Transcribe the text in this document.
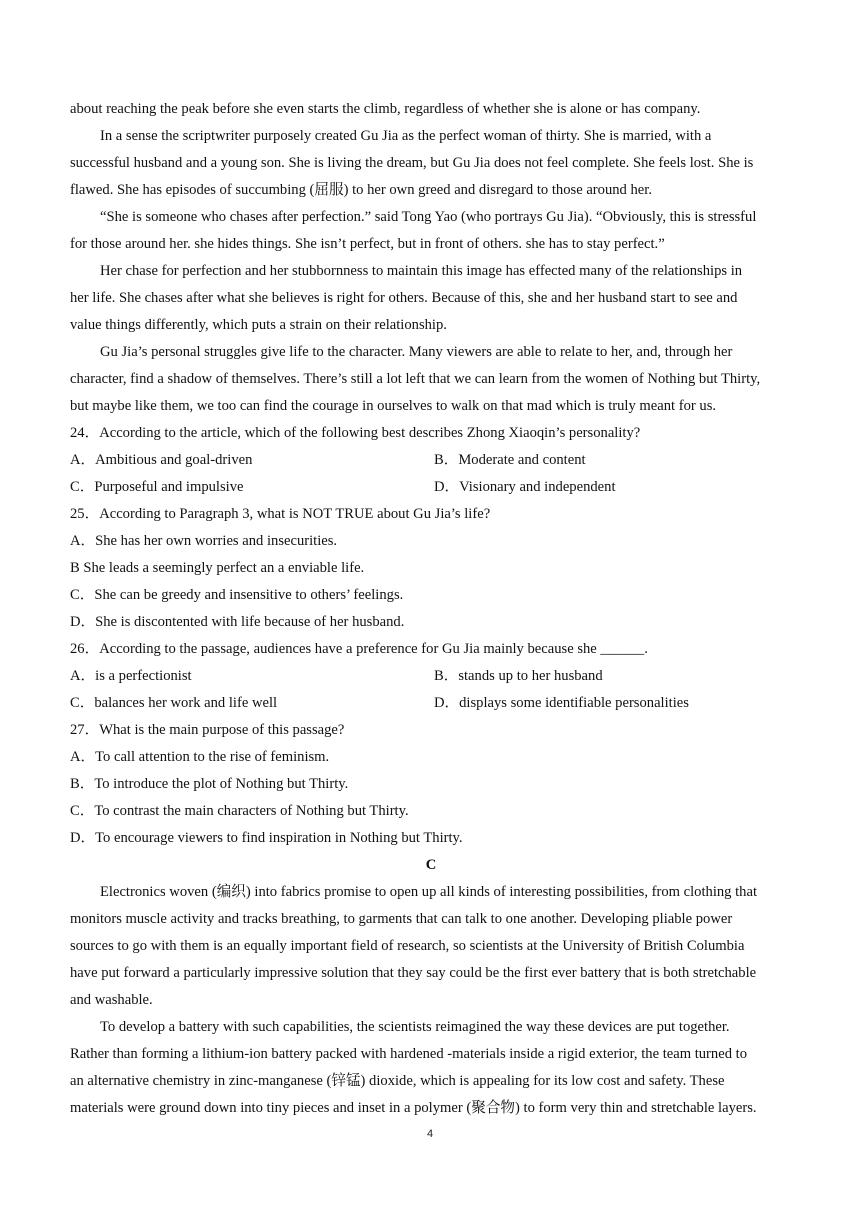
about reaching the peak before she even starts the climb, regardless of whether she is alone or has company.
In a sense the scriptwriter purposely created Gu Jia as the perfect woman of thirty. She is married, with a
successful husband and a young son. She is living the dream, but Gu Jia does not feel complete. She feels lost. She is
flawed. She has episodes of succumbing (屈服) to her own greed and disregard to those around her.
“She is someone who chases after perfection.” said Tong Yao (who portrays Gu Jia). “Obviously, this is stressful
for those around her. she hides things. She isn’t perfect, but in front of others. she has to stay perfect.”
Her chase for perfection and her stubbornness to maintain this image has effected many of the relationships in
her life. She chases after what she believes is right for others. Because of this, she and her husband start to see and
value things differently, which puts a strain on their relationship.
Gu Jia’s personal struggles give life to the character. Many viewers are able to relate to her, and, through her
character, find a shadow of themselves. There’s still a lot left that we can learn from the women of Nothing but Thirty,
but maybe like them, we too can find the courage in ourselves to walk on that mad which is truly meant for us.
24．According to the article, which of the following best describes Zhong Xiaoqin’s personality?
A．Ambitious and goal-driven	B．Moderate and content
C．Purposeful and impulsive	D．Visionary and independent
25．According to Paragraph 3, what is NOT TRUE about Gu Jia’s life?
A．She has her own worries and insecurities.
B She leads a seemingly perfect an a enviable life.
C．She can be greedy and insensitive to others’ feelings.
D．She is discontented with life because of her husband.
26．According to the passage, audiences have a preference for Gu Jia mainly because she ______.
A．is a perfectionist	B．stands up to her husband
C．balances her work and life well	D．displays some identifiable personalities
27．What is the main purpose of this passage?
A．To call attention to the rise of feminism.
B．To introduce the plot of Nothing but Thirty.
C．To contrast the main characters of Nothing but Thirty.
D．To encourage viewers to find inspiration in Nothing but Thirty.
C
Electronics woven (编织) into fabrics promise to open up all kinds of interesting possibilities, from clothing that
monitors muscle activity and tracks breathing, to garments that can talk to one another. Developing pliable power
sources to go with them is an equally important field of research, so scientists at the University of British Columbia
have put forward a particularly impressive solution that they say could be the first ever battery that is both stretchable
and washable.
To develop a battery with such capabilities, the scientists reimagined the way these devices are put together.
Rather than forming a lithium-ion battery packed with hardened -materials inside a rigid exterior, the team turned to
an alternative chemistry in zinc-manganese (锌锰) dioxide, which is appealing for its low cost and safety. These
materials were ground down into tiny pieces and inset in a polymer (聚合物) to form very thin and stretchable layers.
4
